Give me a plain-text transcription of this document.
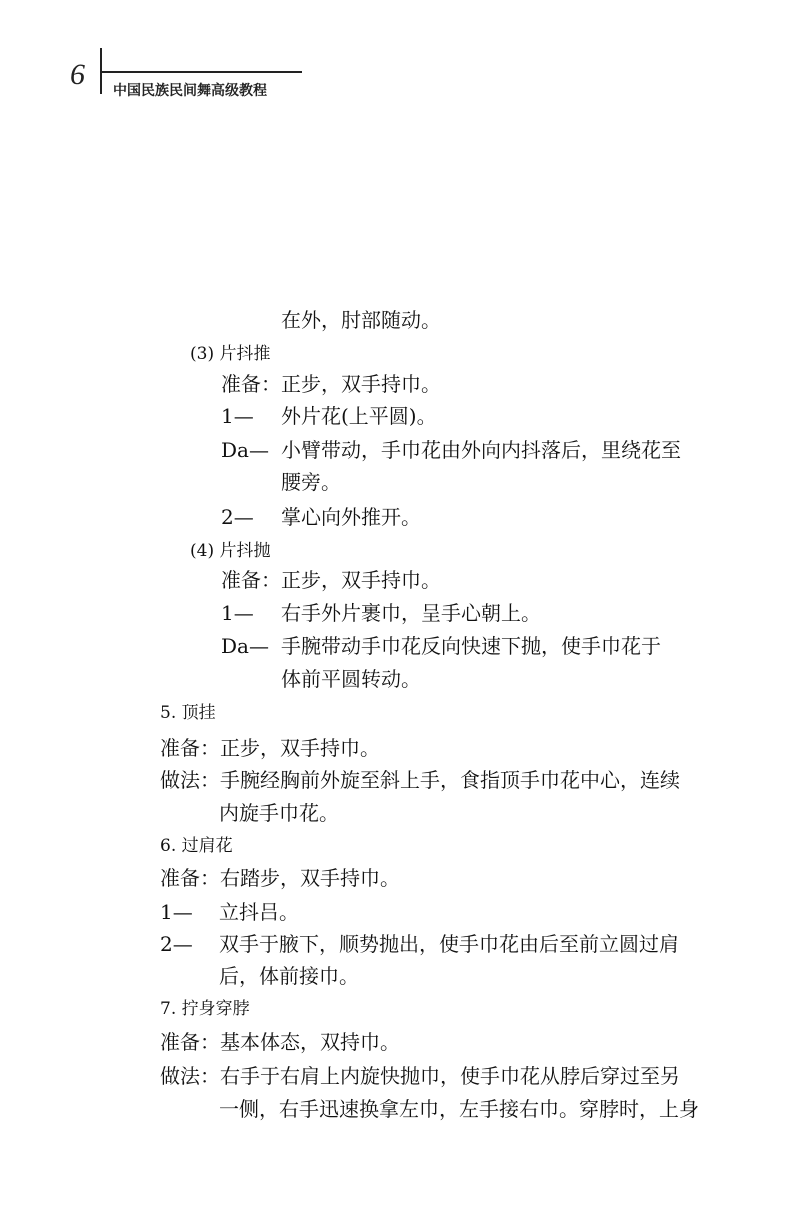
6 中国民族民间舞高级教程
在外，肘部随动。
(3) 片抖推
准备：正步，双手持巾。
1— 外片花(上平圆)。
Da— 小臂带动，手巾花由外向内抖落后，里绕花至
腰旁。
2— 掌心向外推开。
(4) 片抖抛
准备：正步，双手持巾。
1— 右手外片裹巾，呈手心朝上。
Da— 手腕带动手巾花反向快速下抛，使手巾花于
体前平圆转动。
5. 顶挂
准备：正步，双手持巾。
做法：手腕经胸前外旋至斜上手，食指顶手巾花中心，连续
内旋手巾花。
6. 过肩花
准备：右踏步，双手持巾。
1— 立抖吕。
2— 双手于腋下，顺势抛出，使手巾花由后至前立圆过肩
后，体前接巾。
7. 拧身穿脖
准备：基本体态，双持巾。
做法：右手于右肩上内旋快抛巾，使手巾花从脖后穿过至另
一侧，右手迅速换拿左巾，左手接右巾。穿脖时，上身
